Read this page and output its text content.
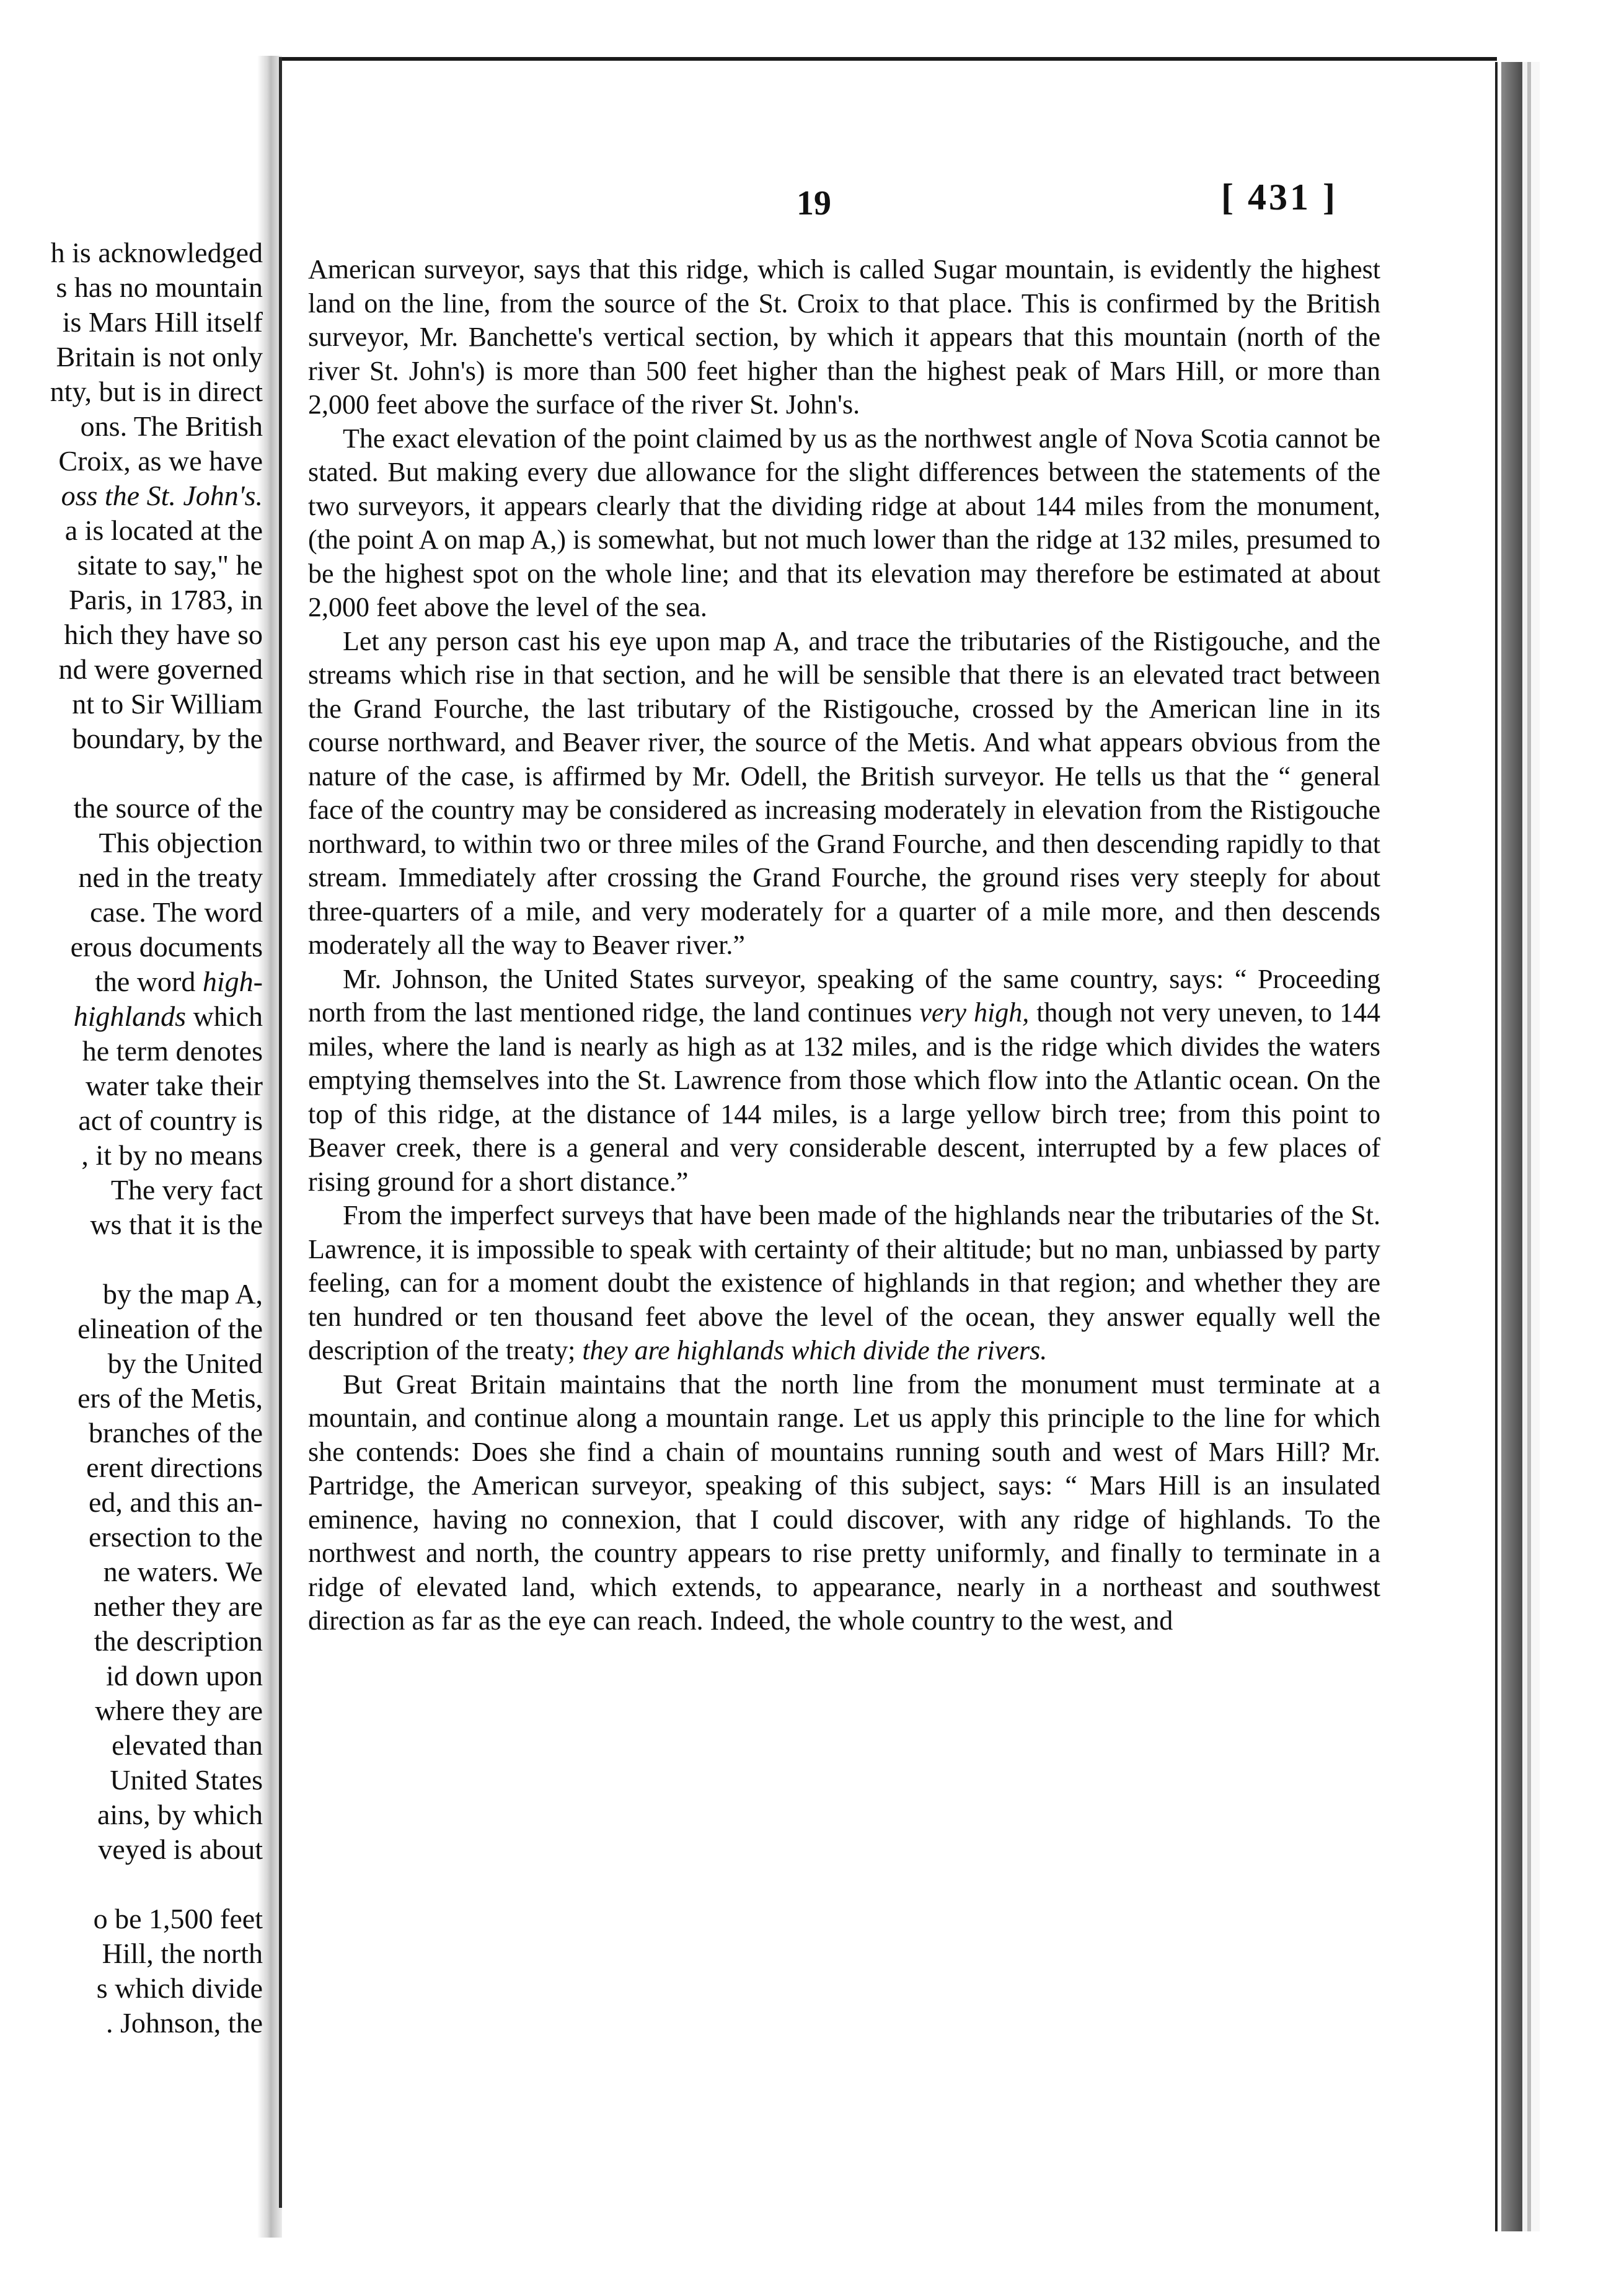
h is acknowledged
s has no mountain
is Mars Hill itself
Britain is not only
nty, but is in direct
ons. The British
Croix, as we have
oss the St. John's.
a is located at the
sitate to say," he
Paris, in 1783, in
hich they have so
nd were governed
nt to Sir William
boundary, by the
the source of the
This objection
ned in the treaty
case. The word
erous documents
the word high-
highlands which
he term denotes
water take their
act of country is
, it by no means
The very fact
ws that it is the
by the map A,
elineation of the
by the United
ers of the Metis,
branches of the
erent directions
ed, and this an-
ersection to the
ne waters. We
nether they are
the description
id down upon
where they are
elevated than
United States
ains, by which
veyed is about
o be 1,500 feet
Hill, the north
s which divide
. Johnson, the
19	[ 431 ]

American surveyor, says that this ridge, which is called Sugar mountain, is evidently the highest land on the line, from the source of the St. Croix to that place. This is confirmed by the British surveyor, Mr. Banchette's vertical section, by which it appears that this mountain (north of the river St. John's) is more than 500 feet higher than the highest peak of Mars Hill, or more than 2,000 feet above the surface of the river St. John's.

The exact elevation of the point claimed by us as the northwest angle of Nova Scotia cannot be stated. But making every due allowance for the slight differences between the statements of the two surveyors, it appears clearly that the dividing ridge at about 144 miles from the monument, (the point A on map A,) is somewhat, but not much lower than the ridge at 132 miles, presumed to be the highest spot on the whole line; and that its elevation may therefore be estimated at about 2,000 feet above the level of the sea.

Let any person cast his eye upon map A, and trace the tributaries of the Ristigouche, and the streams which rise in that section, and he will be sensible that there is an elevated tract between the Grand Fourche, the last tributary of the Ristigouche, crossed by the American line in its course northward, and Beaver river, the source of the Metis. And what appears obvious from the nature of the case, is affirmed by Mr. Odell, the British surveyor. He tells us that the “ general face of the country may be considered as increasing moderately in elevation from the Ristigouche northward, to within two or three miles of the Grand Fourche, and then descending rapidly to that stream. Immediately after crossing the Grand Fourche, the ground rises very steeply for about three-quarters of a mile, and very moderately for a quarter of a mile more, and then descends moderately all the way to Beaver river.”

Mr. Johnson, the United States surveyor, speaking of the same country, says: “ Proceeding north from the last mentioned ridge, the land continues very high, though not very uneven, to 144 miles, where the land is nearly as high as at 132 miles, and is the ridge which divides the waters emptying themselves into the St. Lawrence from those which flow into the Atlantic ocean. On the top of this ridge, at the distance of 144 miles, is a large yellow birch tree; from this point to Beaver creek, there is a general and very considerable descent, interrupted by a few places of rising ground for a short distance.”

From the imperfect surveys that have been made of the highlands near the tributaries of the St. Lawrence, it is impossible to speak with certainty of their altitude; but no man, unbiassed by party feeling, can for a moment doubt the existence of highlands in that region; and whether they are ten hundred or ten thousand feet above the level of the ocean, they answer equally well the description of the treaty; they are highlands which divide the rivers.

But Great Britain maintains that the north line from the monument must terminate at a mountain, and continue along a mountain range. Let us apply this principle to the line for which she contends: Does she find a chain of mountains running south and west of Mars Hill? Mr. Partridge, the American surveyor, speaking of this subject, says: “ Mars Hill is an insulated eminence, having no connexion, that I could discover, with any ridge of highlands. To the northwest and north, the country appears to rise pretty uniformly, and finally to terminate in a ridge of elevated land, which extends, to appearance, nearly in a northeast and southwest direction as far as the eye can reach. Indeed, the whole country to the west, and
